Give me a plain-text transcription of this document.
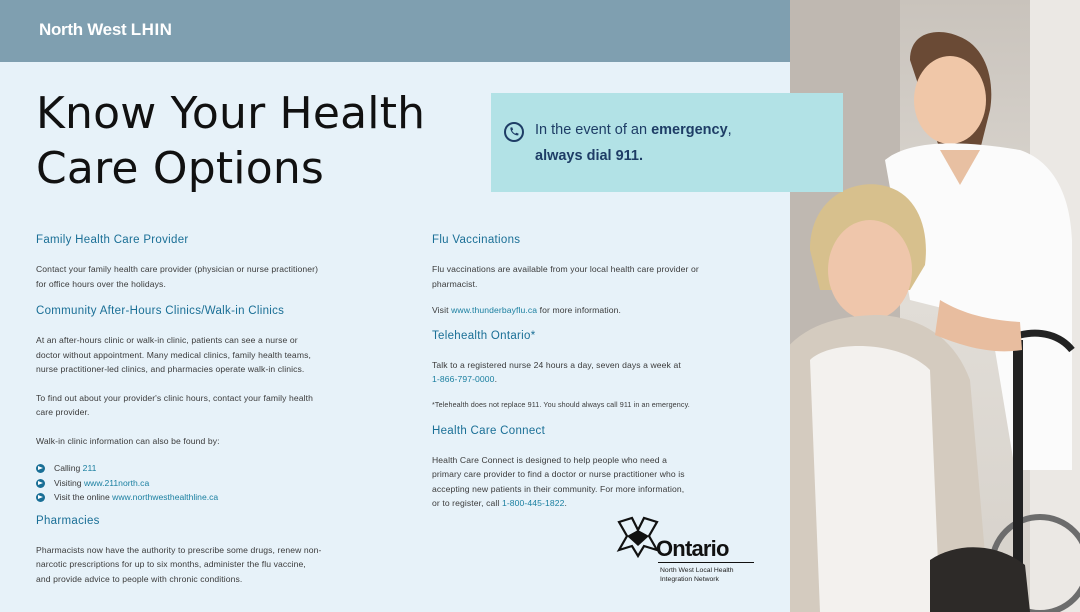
North West LHIN
Know Your Health
Care Options

In the event of an emergency,
always dial 911.

Family Health Care Provider

Contact your family health care provider (physician or nurse practitioner)
for office hours over the holidays.

Community After-Hours Clinics/Walk-in Clinics

At an after-hours clinic or walk-in clinic, patients can see a nurse or
doctor without appointment. Many medical clinics, family health teams,
nurse practitioner-led clinics, and pharmacies operate walk-in clinics.

To find out about your provider's clinic hours, contact your family health
care provider.

Walk-in clinic information can also be found by:

Calling 211
Visiting www.211north.ca
Visit the online www.northwesthealthline.ca
Pharmacies

Pharmacists now have the authority to prescribe some drugs, renew non-
narcotic prescriptions for up to six months, administer the flu vaccine,
and provide advice to people with chronic conditions.

Flu Vaccinations

Flu vaccinations are available from your local health care provider or
pharmacist.

Visit www.thunderbayflu.ca for more information.

Telehealth Ontario*

Talk to a registered nurse 24 hours a day, seven days a week at
1-866-797-0000.

*Telehealth does not replace 911. You should always call 911 in an emergency.

Health Care Connect

Health Care Connect is designed to help people who need a
primary care provider to find a doctor or nurse practitioner who is
accepting new patients in their community. For more information,
or to register, call 1-800-445-1822.

Ontario

North West Local Health
Integration Network
